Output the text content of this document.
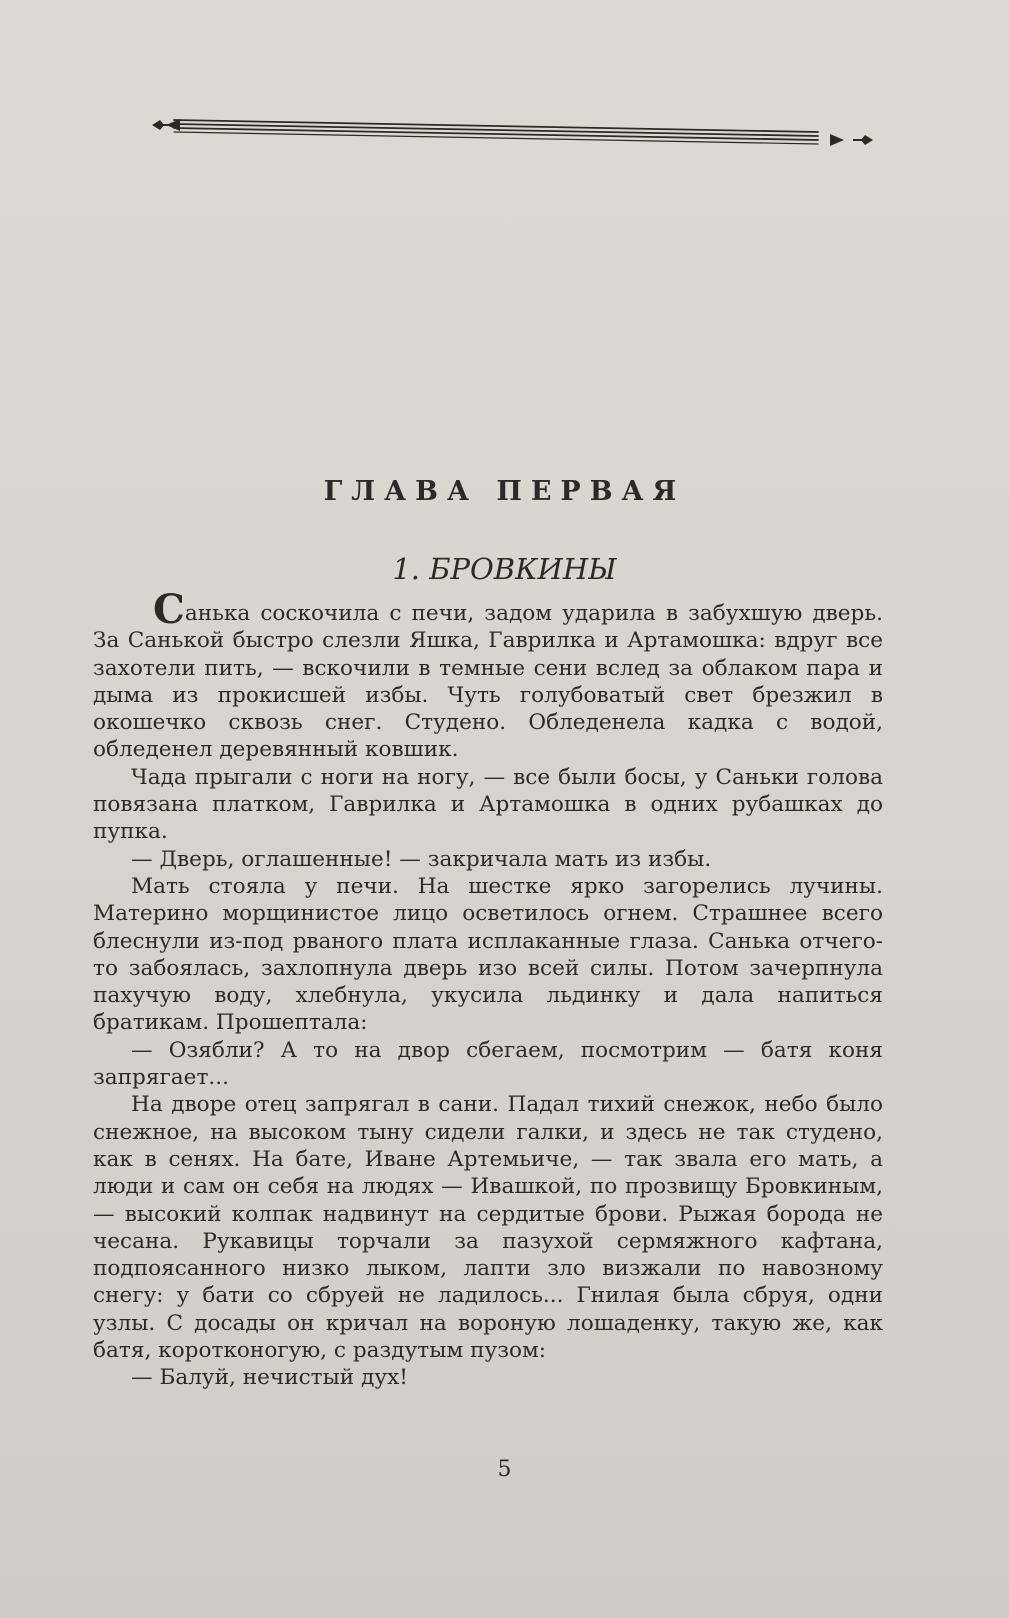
ГЛАВА ПЕРВАЯ
1. БРОВКИНЫ

Санька соскочила с печи, задом ударила в забухшую дверь. За Санькой быстро слезли Яшка, Гаврилка и Артамошка: вдруг все захотели пить, — вскочили в темные сени вслед за облаком пара и дыма из прокисшей избы. Чуть голубоватый свет брезжил в окошечко сквозь снег. Студено. Обледенела кадка с водой, обледенел деревянный ковшик.

Чада прыгали с ноги на ногу, — все были босы, у Саньки голова повязана платком, Гаврилка и Артамошка в одних рубашках до пупка.

— Дверь, оглашенные! — закричала мать из избы.

Мать стояла у печи. На шестке ярко загорелись лучины. Материно морщинистое лицо осветилось огнем. Страшнее всего блеснули из-под рваного плата исплаканные глаза. Санька отчего-то забоялась, захлопнула дверь изо всей силы. Потом зачерпнула пахучую воду, хлебнула, укусила льдинку и дала напиться братикам. Прошептала:

— Озябли? А то на двор сбегаем, посмотрим — батя коня запрягает...

На дворе отец запрягал в сани. Падал тихий снежок, небо было снежное, на высоком тыну сидели галки, и здесь не так студено, как в сенях. На бате, Иване Артемьиче, — так звала его мать, а люди и сам он себя на людях — Ивашкой, по прозвищу Бровкиным, — высокий колпак надвинут на сердитые брови. Рыжая борода не чесана. Рукавицы торчали за пазухой сермяжного кафтана, подпоясанного низко лыком, лапти зло визжали по навозному снегу: у бати со сбруей не ладилось... Гнилая была сбруя, одни узлы. С досады он кричал на вороную лошаденку, такую же, как батя, коротконогую, с раздутым пузом:

— Балуй, нечистый дух!

5
